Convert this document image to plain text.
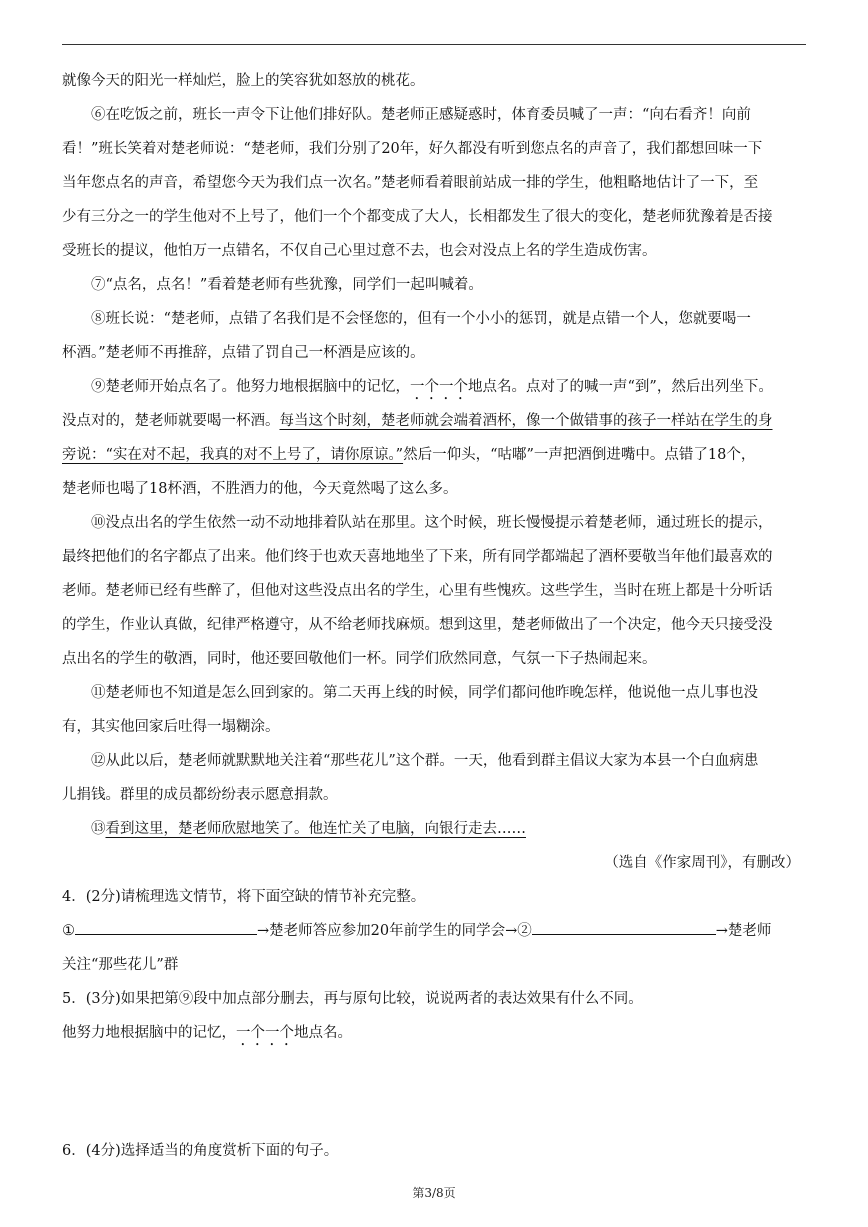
就像今天的阳光一样灿烂，脸上的笑容犹如怒放的桃花。
⑥在吃饭之前，班长一声令下让他们排好队。楚老师正感疑惑时，体育委员喊了一声：“向右看齐！向前
看！”班长笑着对楚老师说：“楚老师，我们分别了20年，好久都没有听到您点名的声音了，我们都想回味一下
当年您点名的声音，希望您今天为我们点一次名。”楚老师看着眼前站成一排的学生，他粗略地估计了一下，至
少有三分之一的学生他对不上号了，他们一个个都变成了大人，长相都发生了很大的变化，楚老师犹豫着是否接
受班长的提议，他怕万一点错名，不仅自己心里过意不去，也会对没点上名的学生造成伤害。
⑦“点名，点名！”看着楚老师有些犹豫，同学们一起叫喊着。
⑧班长说：“楚老师，点错了名我们是不会怪您的，但有一个小小的惩罚，就是点错一个人，您就要喝一
杯酒。”楚老师不再推辞，点错了罚自己一杯酒是应该的。
⑨楚老师开始点名了。他努力地根据脑中的记忆，一个一个地点名。点对了的喊一声“到”，然后出列坐下。
没点对的，楚老师就要喝一杯酒。每当这个时刻，楚老师就会端着酒杯，像一个做错事的孩子一样站在学生的身
旁说：“实在对不起，我真的对不上号了，请你原谅。”然后一仰头，“咕嘟”一声把酒倒进嘴中。点错了18个，
楚老师也喝了18杯酒，不胜酒力的他，今天竟然喝了这么多。
⑩没点出名的学生依然一动不动地排着队站在那里。这个时候，班长慢慢提示着楚老师，通过班长的提示，
最终把他们的名字都点了出来。他们终于也欢天喜地地坐了下来，所有同学都端起了酒杯要敬当年他们最喜欢的
老师。楚老师已经有些醉了，但他对这些没点出名的学生，心里有些愧疚。这些学生，当时在班上都是十分听话
的学生，作业认真做，纪律严格遵守，从不给老师找麻烦。想到这里，楚老师做出了一个决定，他今天只接受没
点出名的学生的敬酒，同时，他还要回敬他们一杯。同学们欣然同意，气氛一下子热闹起来。
⑪楚老师也不知道是怎么回到家的。第二天再上线的时候，同学们都问他昨晚怎样，他说他一点儿事也没
有，其实他回家后吐得一塌糊涂。
⑫从此以后，楚老师就默默地关注着“那些花儿”这个群。一天，他看到群主倡议大家为本县一个白血病患
儿捐钱。群里的成员都纷纷表示愿意捐款。
⑬看到这里，楚老师欣慰地笑了。他连忙关了电脑，向银行走去……
（选自《作家周刊》，有删改）
4．(2分)请梳理选文情节，将下面空缺的情节补充完整。
①	→楚老师答应参加20年前学生的同学会→②	→楚老师
关注“那些花儿”群
5．(3分)如果把第⑨段中加点部分删去，再与原句比较，说说两者的表达效果有什么不同。
他努力地根据脑中的记忆，一个一个地点名。
6．(4分)选择适当的角度赏析下面的句子。
第3/8页
